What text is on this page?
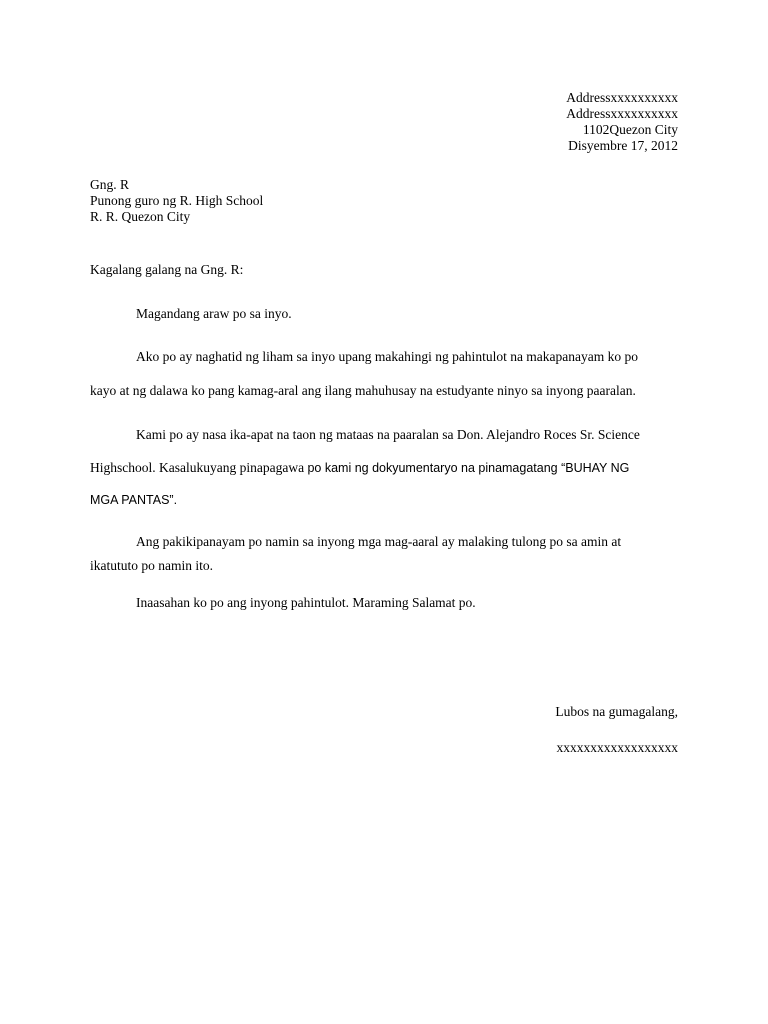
Addressxxxxxxxxxx
Addressxxxxxxxxxx
1102Quezon City
Disyembre 17, 2012
Gng. R
Punong guro ng R. High School
R. R. Quezon City
Kagalang galang na Gng. R:
Magandang araw po sa inyo.
Ako po ay naghatid ng liham sa inyo upang makahingi ng pahintulot na makapanayam ko po
kayo at ng dalawa ko pang kamag-aral ang ilang mahuhusay na estudyante ninyo sa inyong paaralan.
Kami po ay nasa ika-apat na taon ng mataas na paaralan sa Don. Alejandro Roces Sr. Science
Highschool. Kasalukuyang pinapagawa po kami ng dokyumentaryo na pinamagatang “BUHAY NG
MGA PANTAS”.
Ang pakikipanayam po namin sa inyong mga mag-aaral ay malaking tulong po sa amin at
ikatututo po namin ito.
Inaasahan ko po ang inyong pahintulot. Maraming Salamat po.
Lubos na gumagalang,
xxxxxxxxxxxxxxxxxx
